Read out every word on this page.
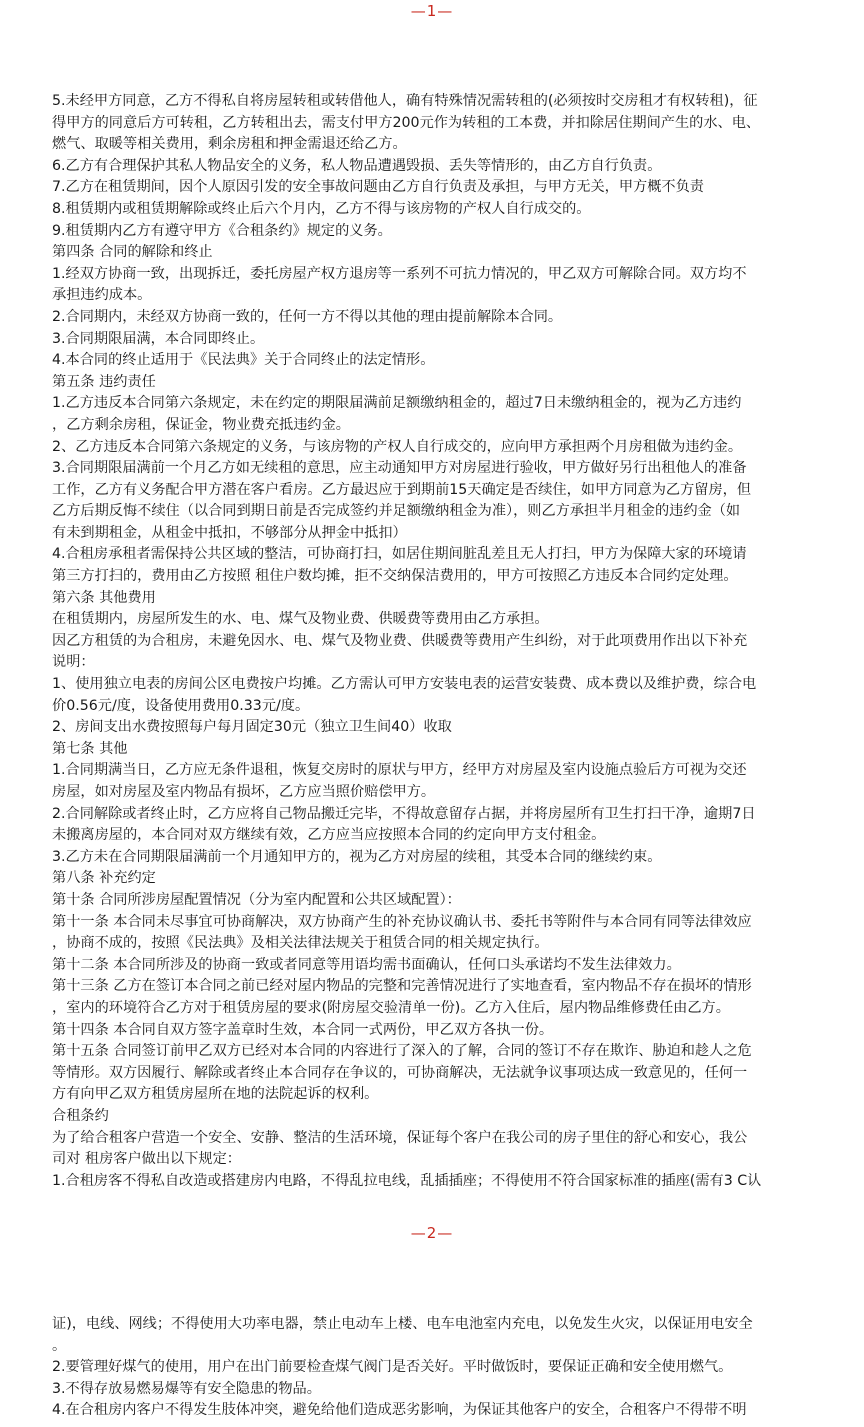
—1—
5.未经甲方同意，乙方不得私自将房屋转租或转借他人，确有特殊情况需转租的(必须按时交房租才有权转租)，征
得甲方的同意后方可转租，乙方转租出去，需支付甲方200元作为转租的工本费，并扣除居住期间产生的水、电、
燃气、取暖等相关费用，剩余房租和押金需退还给乙方。
6.乙方有合理保护其私人物品安全的义务，私人物品遭遇毁损、丢失等情形的，由乙方自行负责。
7.乙方在租赁期间，因个人原因引发的安全事故问题由乙方自行负责及承担，与甲方无关，甲方概不负责
8.租赁期内或租赁期解除或终止后六个月内，乙方不得与该房物的产权人自行成交的。
9.租赁期内乙方有遵守甲方《合租条约》规定的义务。
第四条 合同的解除和终止
1.经双方协商一致，出现拆迁，委托房屋产权方退房等一系列不可抗力情况的，甲乙双方可解除合同。双方均不
承担违约成本。
2.合同期内，未经双方协商一致的，任何一方不得以其他的理由提前解除本合同。
3.合同期限届满，本合同即终止。
4.本合同的终止适用于《民法典》关于合同终止的法定情形。
第五条 违约责任
1.乙方违反本合同第六条规定，未在约定的期限届满前足额缴纳租金的，超过7日未缴纳租金的，视为乙方违约
，乙方剩余房租，保证金，物业费充抵违约金。
2、乙方违反本合同第六条规定的义务，与该房物的产权人自行成交的，应向甲方承担两个月房租做为违约金。
3.合同期限届满前一个月乙方如无续租的意思，应主动通知甲方对房屋进行验收，甲方做好另行出租他人的准备
工作，乙方有义务配合甲方潜在客户看房。乙方最迟应于到期前15天确定是否续住，如甲方同意为乙方留房，但
乙方后期反悔不续住（以合同到期日前是否完成签约并足额缴纳租金为准），则乙方承担半月租金的违约金（如
有未到期租金，从租金中抵扣，不够部分从押金中抵扣）
4.合租房承租者需保持公共区域的整洁，可协商打扫，如居住期间脏乱差且无人打扫，甲方为保障大家的环境请
第三方打扫的，费用由乙方按照 租住户数均摊，拒不交纳保洁费用的，甲方可按照乙方违反本合同约定处理。
第六条 其他费用
在租赁期内，房屋所发生的水、电、煤气及物业费、供暖费等费用由乙方承担。
因乙方租赁的为合租房，未避免因水、电、煤气及物业费、供暖费等费用产生纠纷，对于此项费用作出以下补充
说明：
1、使用独立电表的房间公区电费按户均摊。乙方需认可甲方安装电表的运营安装费、成本费以及维护费，综合电
价0.56元/度，设备使用费用0.33元/度。
2、房间支出水费按照每户每月固定30元（独立卫生间40）收取
第七条 其他
1.合同期满当日，乙方应无条件退租，恢复交房时的原状与甲方，经甲方对房屋及室内设施点验后方可视为交还
房屋，如对房屋及室内物品有损坏，乙方应当照价赔偿甲方。
2.合同解除或者终止时，乙方应将自己物品搬迁完毕，不得故意留存占据，并将房屋所有卫生打扫干净，逾期7日
未搬离房屋的，本合同对双方继续有效，乙方应当应按照本合同的约定向甲方支付租金。
3.乙方未在合同期限届满前一个月通知甲方的，视为乙方对房屋的续租，其受本合同的继续约束。
第八条 补充约定
第十条 合同所涉房屋配置情况（分为室内配置和公共区域配置）：
第十一条 本合同未尽事宜可协商解决，双方协商产生的补充协议确认书、委托书等附件与本合同有同等法律效应
，协商不成的，按照《民法典》及相关法律法规关于租赁合同的相关规定执行。
第十二条 本合同所涉及的协商一致或者同意等用语均需书面确认，任何口头承诺均不发生法律效力。
第十三条 乙方在签订本合同之前已经对屋内物品的完整和完善情况进行了实地查看，室内物品不存在损坏的情形
，室内的环境符合乙方对于租赁房屋的要求(附房屋交验清单一份)。乙方入住后，屋内物品维修费任由乙方。
第十四条 本合同自双方签字盖章时生效，本合同一式两份，甲乙双方各执一份。
第十五条 合同签订前甲乙双方已经对本合同的内容进行了深入的了解，合同的签订不存在欺诈、胁迫和趁人之危
等情形。双方因履行、解除或者终止本合同存在争议的，可协商解决，无法就争议事项达成一致意见的，任何一
方有向甲乙双方租赁房屋所在地的法院起诉的权利。
合租条约
为了给合租客户营造一个安全、安静、整洁的生活环境，保证每个客户在我公司的房子里住的舒心和安心，我公
司对 租房客户做出以下规定：
1.合租房客不得私自改造或搭建房内电路，不得乱拉电线，乱插插座；不得使用不符合国家标准的插座(需有3 C认
—2—
证)，电线、网线；不得使用大功率电器，禁止电动车上楼、电车电池室内充电，以免发生火灾，以保证用电安全
。
2.要管理好煤气的使用，用户在出门前要检查煤气阀门是否关好。平时做饭时，要保证正确和安全使用燃气。
3.不得存放易燃易爆等有安全隐患的物品。
4.在合租房内客户不得发生肢体冲突，避免给他们造成恶劣影响，为保证其他客户的安全，合租客户不得带不明
